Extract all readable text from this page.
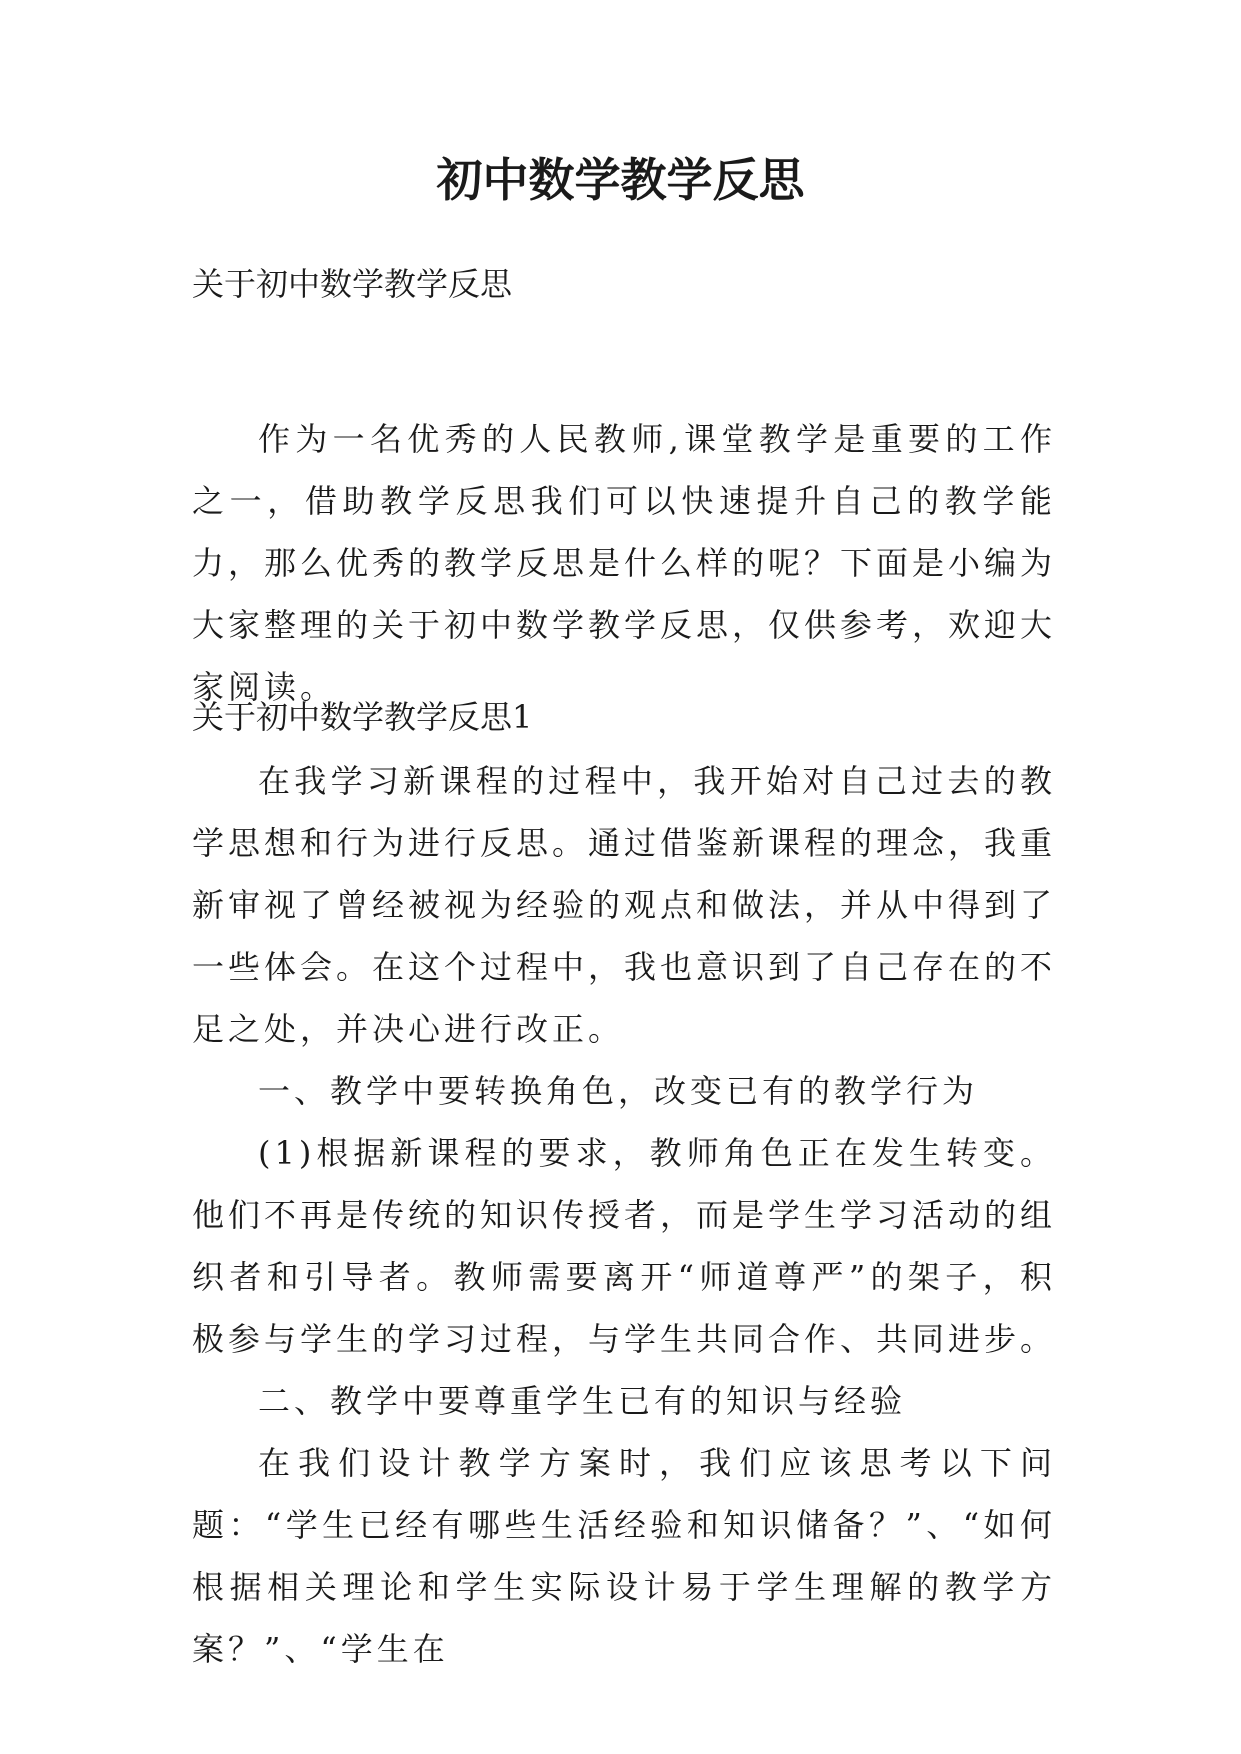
初中数学教学反思

关于初中数学教学反思

作为一名优秀的人民教师,课堂教学是重要的工作之一，借助教学反思我们可以快速提升自己的教学能力，那么优秀的教学反思是什么样的呢？下面是小编为大家整理的关于初中数学教学反思，仅供参考，欢迎大家阅读。

关于初中数学教学反思1

在我学习新课程的过程中，我开始对自己过去的教学思想和行为进行反思。通过借鉴新课程的理念，我重新审视了曾经被视为经验的观点和做法，并从中得到了一些体会。在这个过程中，我也意识到了自己存在的不足之处，并决心进行改正。

一、教学中要转换角色，改变已有的教学行为

(1)根据新课程的要求，教师角色正在发生转变。他们不再是传统的知识传授者，而是学生学习活动的组织者和引导者。教师需要离开“师道尊严”的架子，积极参与学生的学习过程，与学生共同合作、共同进步。

二、教学中要尊重学生已有的知识与经验

在我们设计教学方案时，我们应该思考以下问题：“学生已经有哪些生活经验和知识储备？”、“如何根据相关理论和学生实际设计易于学生理解的教学方案？”、“学生在
